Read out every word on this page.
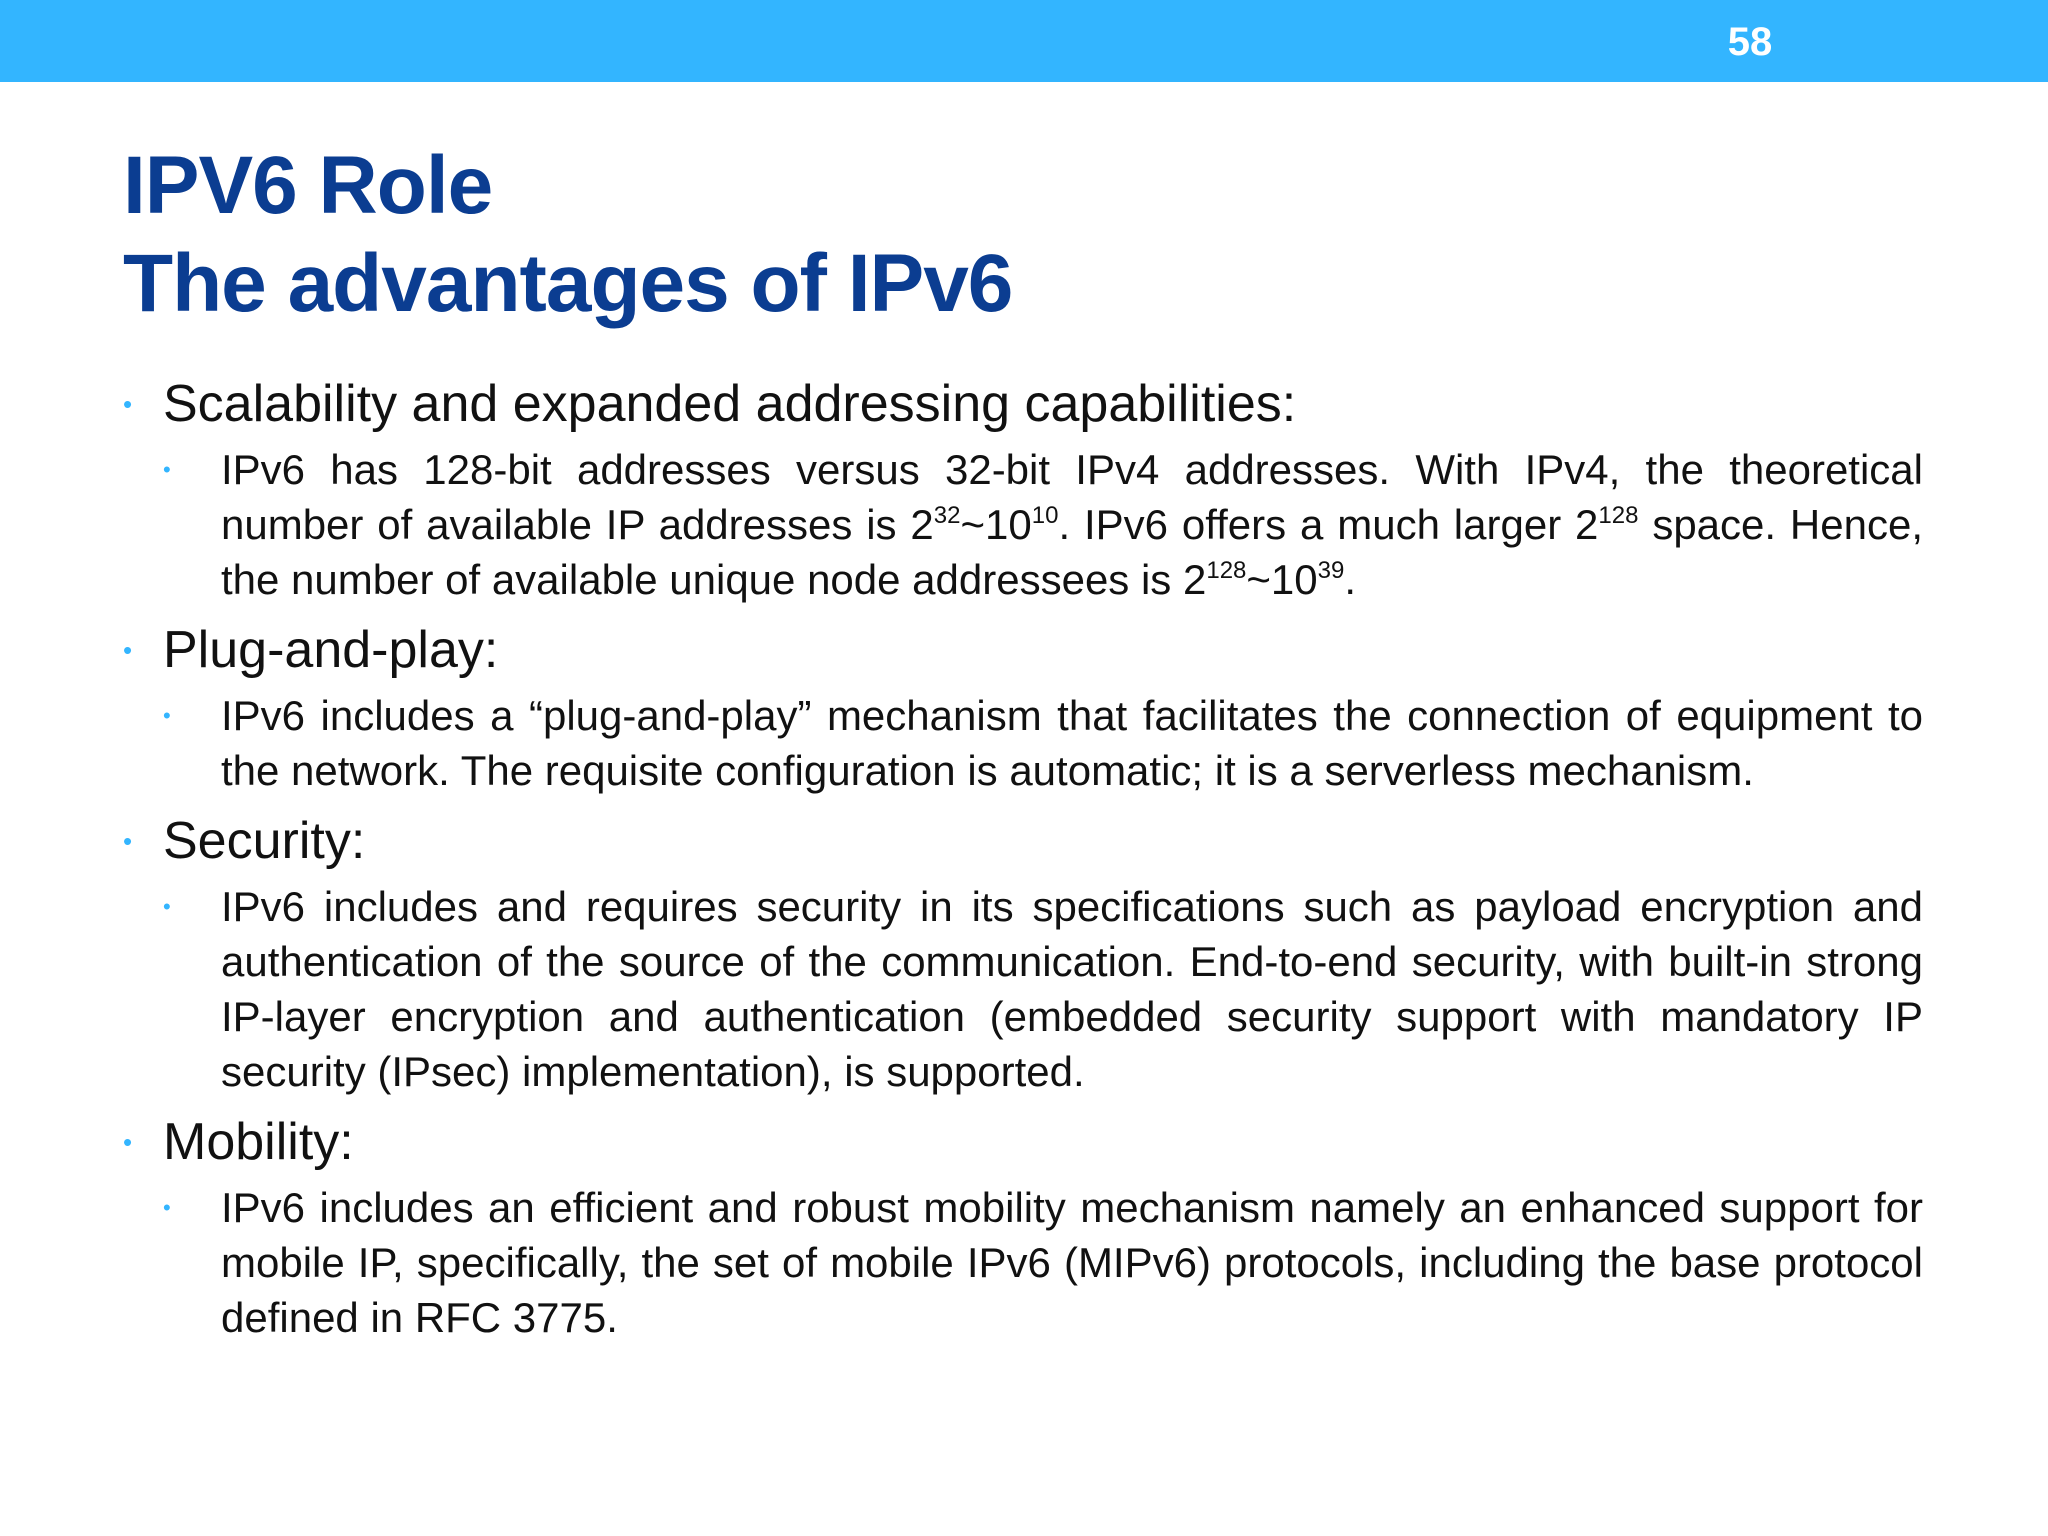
58
IPV6 Role
The advantages of IPv6
• Scalability and expanded addressing capabilities:
• IPv6 has 128-bit addresses versus 32-bit IPv4 addresses. With IPv4, the theoretical number of available IP addresses is $2^{32}\sim 10^{10}$. IPv6 offers a much larger $2^{128}$ space. Hence, the number of available unique node addressees is $2^{128}\sim 10^{39}$.
• Plug-and-play:
• IPv6 includes a “plug-and-play” mechanism that facilitates the connection of equipment to the network. The requisite configuration is automatic; it is a serverless mechanism.
• Security:
• IPv6 includes and requires security in its specifications such as payload encryption and authentication of the source of the communication. End-to-end security, with built-in strong IP-layer encryption and authentication (embedded security support with mandatory IP security (IPsec) implementation), is supported.
• Mobility:
• IPv6 includes an efficient and robust mobility mechanism namely an enhanced support for mobile IP, specifically, the set of mobile IPv6 (MIPv6) protocols, including the base protocol defined in RFC 3775.
